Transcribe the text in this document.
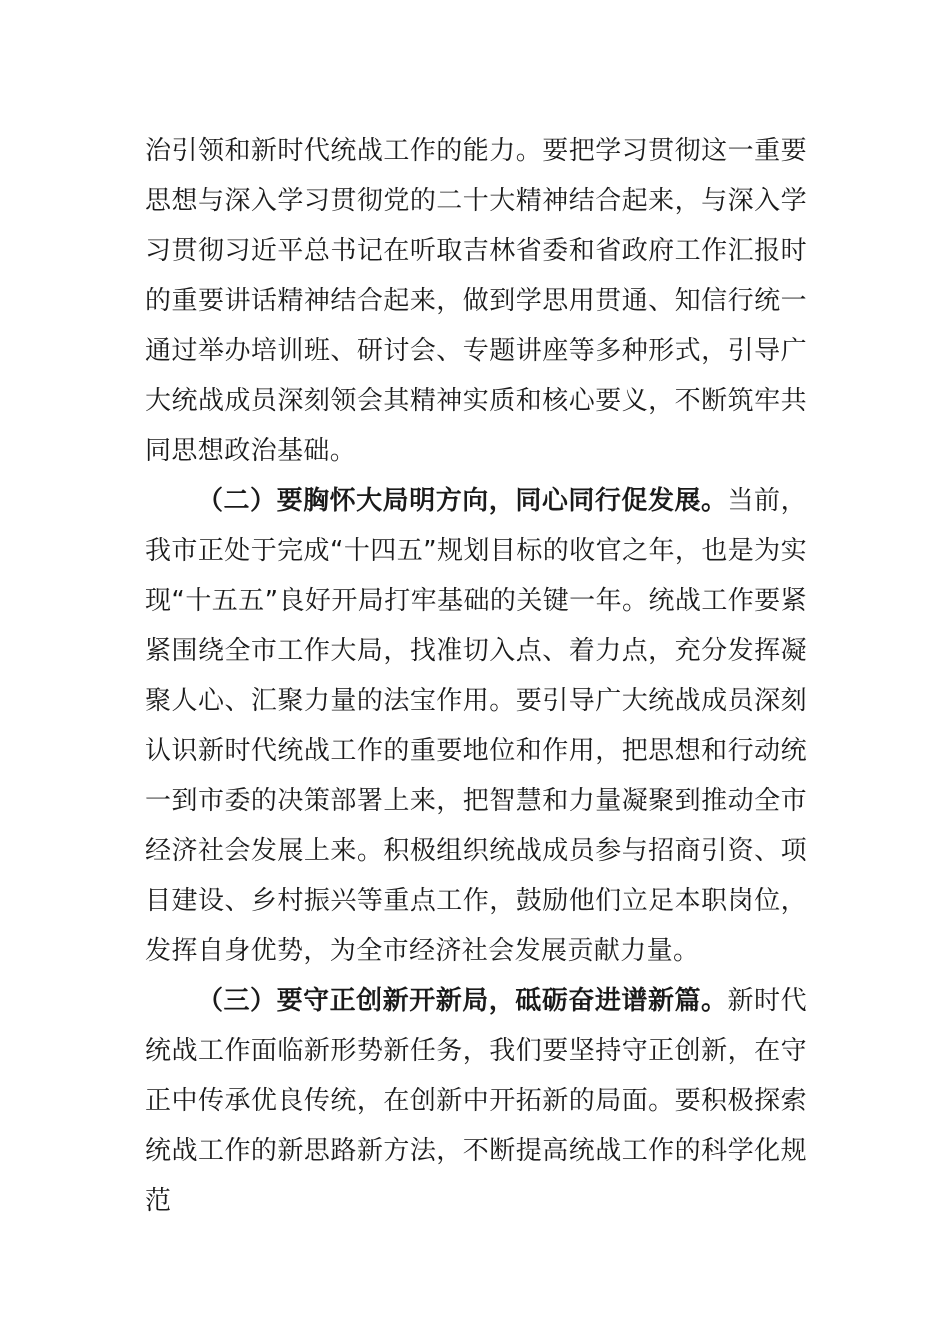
治引领和新时代统战工作的能力。要把学习贯彻这一重要思想与深入学习贯彻党的二十大精神结合起来，与深入学习贯彻习近平总书记在听取吉林省委和省政府工作汇报时的重要讲话精神结合起来，做到学思用贯通、知信行统一通过举办培训班、研讨会、专题讲座等多种形式，引导广大统战成员深刻领会其精神实质和核心要义，不断筑牢共同思想政治基础。

（二）要胸怀大局明方向，同心同行促发展。当前，我市正处于完成“十四五”规划目标的收官之年，也是为实现“十五五”良好开局打牢基础的关键一年。统战工作要紧紧围绕全市工作大局，找准切入点、着力点，充分发挥凝聚人心、汇聚力量的法宝作用。要引导广大统战成员深刻认识新时代统战工作的重要地位和作用，把思想和行动统一到市委的决策部署上来，把智慧和力量凝聚到推动全市经济社会发展上来。积极组织统战成员参与招商引资、项目建设、乡村振兴等重点工作，鼓励他们立足本职岗位，发挥自身优势，为全市经济社会发展贡献力量。

（三）要守正创新开新局，砥砺奋进谱新篇。新时代统战工作面临新形势新任务，我们要坚持守正创新，在守正中传承优良传统，在创新中开拓新的局面。要积极探索统战工作的新思路新方法，不断提高统战工作的科学化规范
